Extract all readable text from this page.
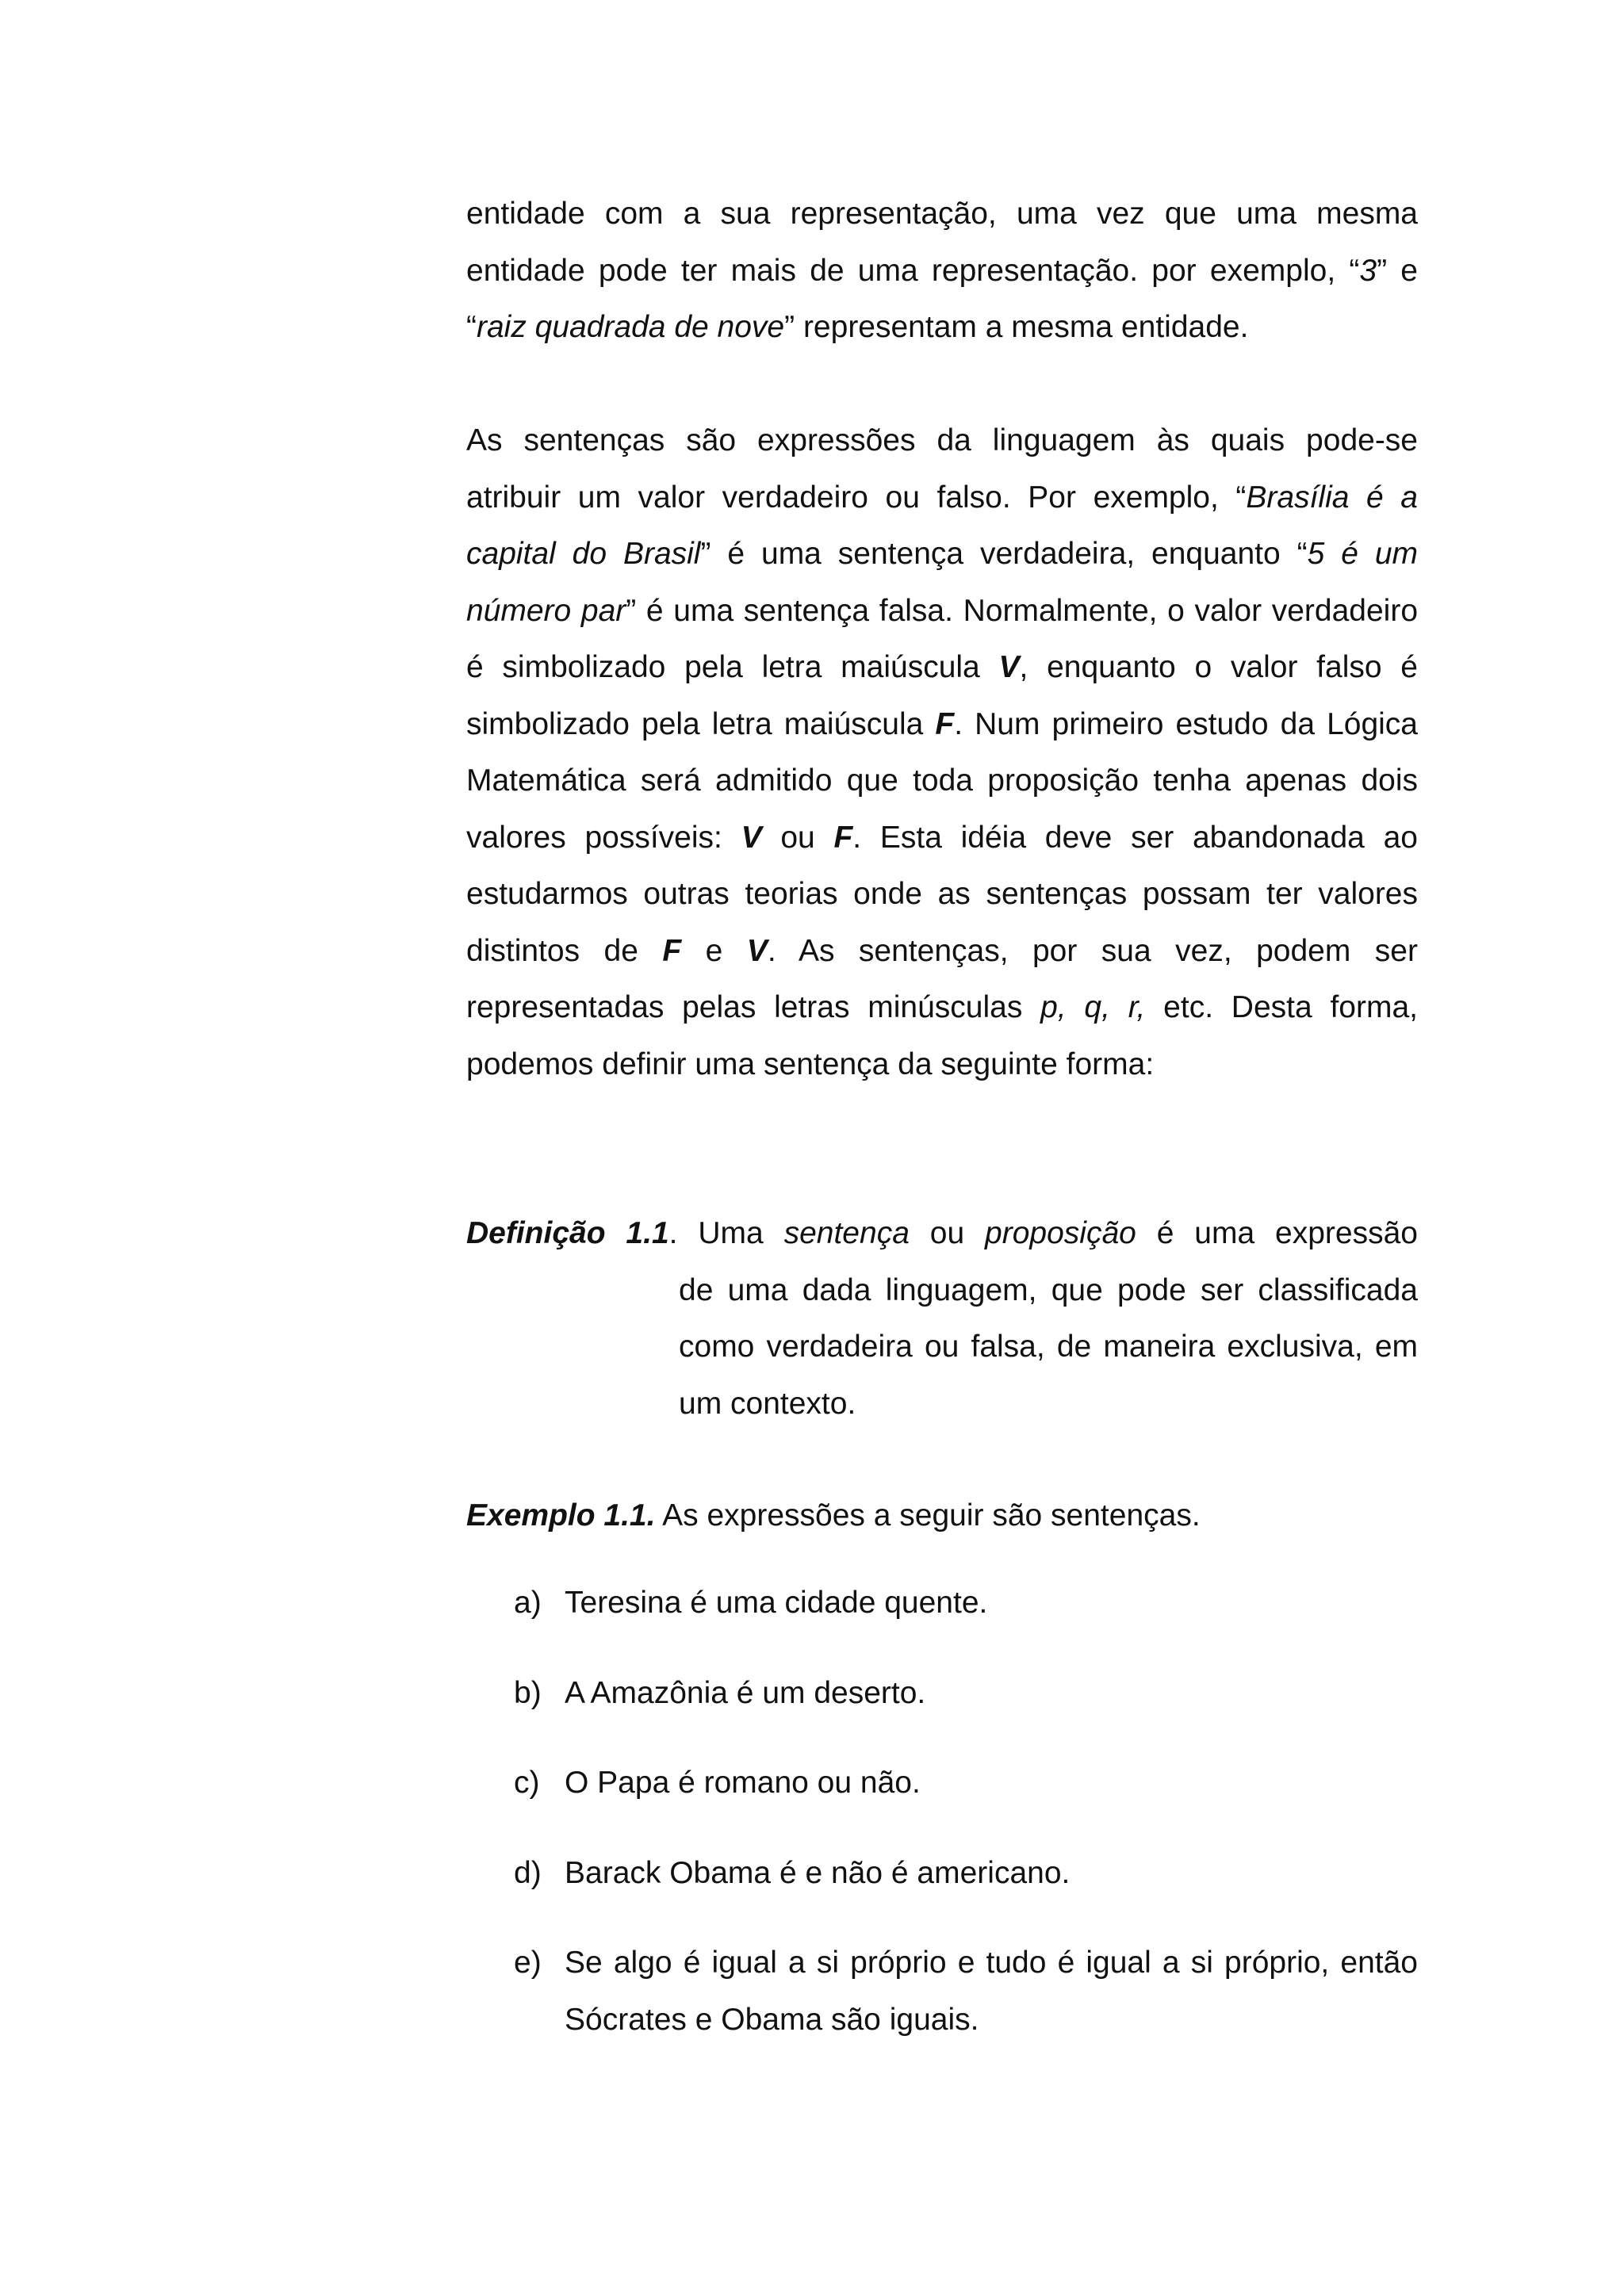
entidade com a sua representação, uma vez que uma mesma entidade pode ter mais de uma representação. por exemplo, “3” e “raiz quadrada de nove” representam a mesma entidade.

As sentenças são expressões da linguagem às quais pode-se atribuir um valor verdadeiro ou falso. Por exemplo, “Brasília é a capital do Brasil” é uma sentença verdadeira, enquanto “5 é um número par” é uma sentença falsa. Normalmente, o valor verdadeiro é simbolizado pela letra maiúscula V, enquanto o valor falso é simbolizado pela letra maiúscula F. Num primeiro estudo da Lógica Matemática será admitido que toda proposição tenha apenas dois valores possíveis: V ou F. Esta idéia deve ser abandonada ao estudarmos outras teorias onde as sentenças possam ter valores distintos de F e V. As sentenças, por sua vez, podem ser representadas pelas letras minúsculas p, q, r, etc. Desta forma, podemos definir uma sentença da seguinte forma:

Definição 1.1. Uma sentença ou proposição é uma expressão

de uma dada linguagem, que pode ser classificada como verdadeira ou falsa, de maneira exclusiva, em um contexto.

Exemplo 1.1. As expressões a seguir são sentenças.

a) Teresina é uma cidade quente.
b) A Amazônia é um deserto.
c) O Papa é romano ou não.
d) Barack Obama é e não é americano.
e) Se algo é igual a si próprio e tudo é igual a si próprio, então Sócrates e Obama são iguais.
